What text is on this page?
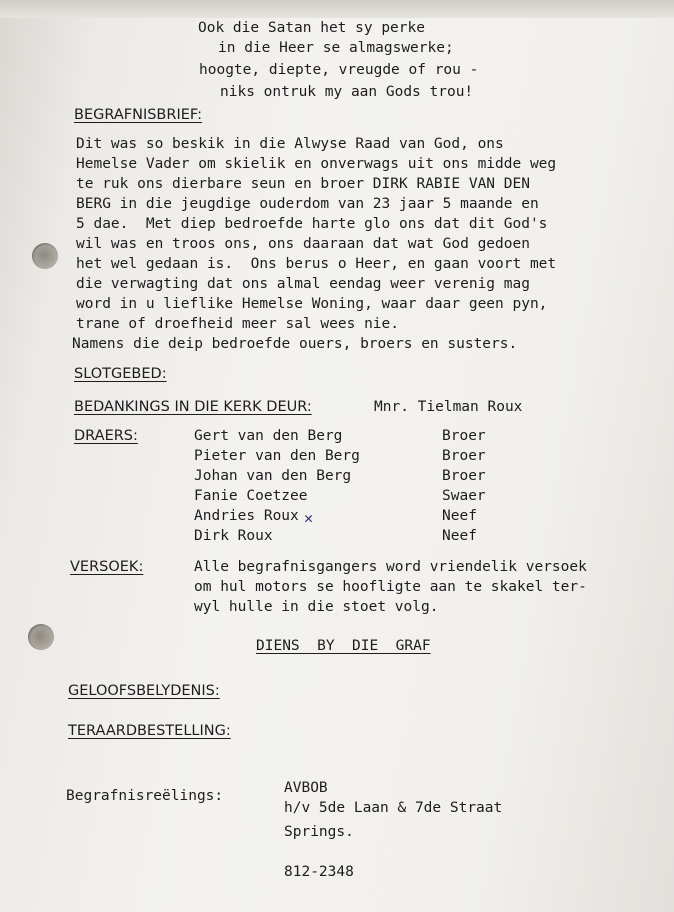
Ook die Satan het sy perke
in die Heer se almagswerke;
hoogte, diepte, vreugde of rou -
niks ontruk my aan Gods trou!
BEGRAFNISBRIEF:
Dit was so beskik in die Alwyse Raad van God, ons
Hemelse Vader om skielik en onverwags uit ons midde weg
te ruk ons dierbare seun en broer DIRK RABIE VAN DEN
BERG in die jeugdige ouderdom van 23 jaar 5 maande en
5 dae.  Met diep bedroefde harte glo ons dat dit God's
wil was en troos ons, ons daaraan dat wat God gedoen
het wel gedaan is.  Ons berus o Heer, en gaan voort met
die verwagting dat ons almal eendag weer verenig mag
word in u lieflike Hemelse Woning, waar daar geen pyn,
trane of droefheid meer sal wees nie.
Namens die deip bedroefde ouers, broers en susters.
SLOTGEBED:
BEDANKINGS IN DIE KERK DEUR:	Mnr. Tielman Roux
DRAERS:	Gert van den Berg	Broer
Pieter van den Berg	Broer
Johan van den Berg	Broer
Fanie Coetzee	Swaer
Andries Roux ✕	Neef
Dirk Roux	Neef
VERSOEK:	Alle begrafnisgangers word vriendelik versoek
om hul motors se hoofligte aan te skakel ter-
wyl hulle in die stoet volg.
DIENS  BY  DIE  GRAF
GELOOFSBELYDENIS:
TERAARDBESTELLING:
Begrafnisreëlings:	AVBOB
h/v 5de Laan & 7de Straat
Springs.
812-2348
